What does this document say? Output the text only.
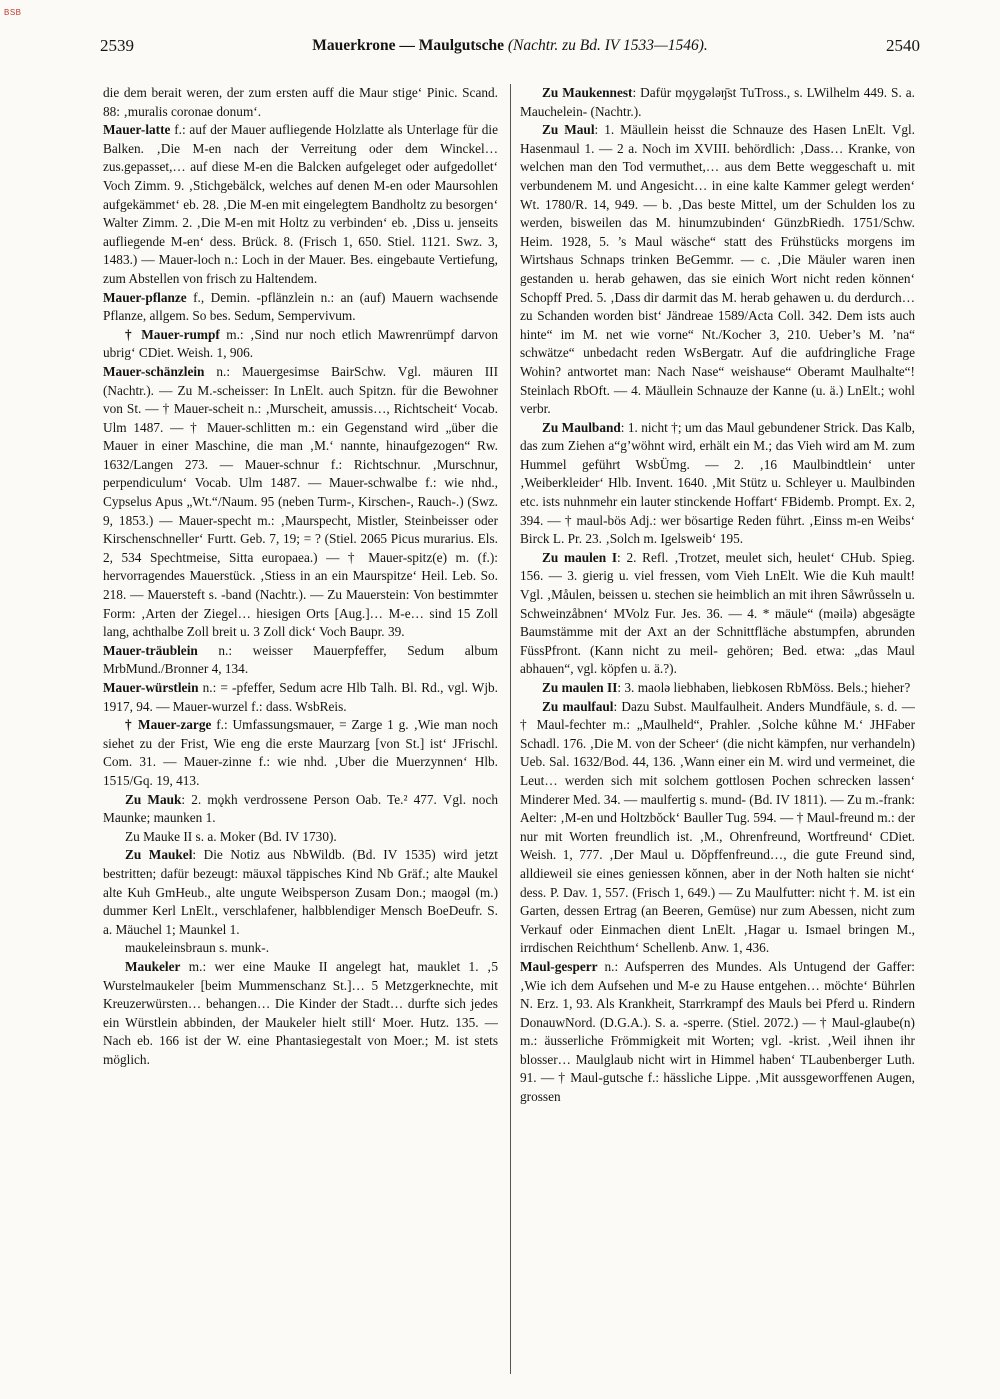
BSB
2539	Mauerkrone — Maulgutsche (Nachtr. zu Bd. IV 1533—1546).	2540

die dem berait weren, der zum ersten auff die Maur stige‘ Pinic. Scand. 88: ‚muralis coronae donum‘.

Mauer-latte f.: auf der Mauer aufliegende Holzlatte als Unterlage für die Balken. ‚Die M-en nach der Verreitung oder dem Winckel… zus.gepasset,… auf diese M-en die Balcken aufgeleget oder aufgedollet‘ Voch Zimm. 9. ‚Stichgebälck, welches auf denen M-en oder Maursohlen aufgekämmet‘ eb. 28. ‚Die M-en mit eingelegtem Bandholtz zu besorgen‘ Walter Zimm. 2. ‚Die M-en mit Holtz zu verbinden‘ eb. ‚Diss u. jenseits aufliegende M-en‘ dess. Brück. 8. (Frisch 1, 650. Stiel. 1121. Swz. 3, 1483.) — Mauer-loch n.: Loch in der Mauer. Bes. eingebaute Vertiefung, zum Abstellen von frisch zu Haltendem.

Mauer-pflanze f., Demin. -pflänzlein n.: an (auf) Mauern wachsende Pflanze, allgem. So bes. Sedum, Sempervivum.

† Mauer-rumpf m.: ‚Sind nur noch etlich Mawrenrümpf darvon ubrig‘ CDiet. Weish. 1, 906.

Mauer-schänzlein n.: Mauergesimse BairSchw. Vgl. mäuren III (Nachtr.). — Zu M.-scheisser: In LnElt. auch Spitzn. für die Bewohner von St. — † Mauer-scheit n.: ‚Murscheit, amussis…, Richtscheit‘ Vocab. Ulm 1487. — † Mauer-schlitten m.: ein Gegenstand wird „über die Mauer in einer Maschine, die man ‚M.‘ nannte, hinaufgezogen“ Rw. 1632/Langen 273. — Mauer-schnur f.: Richtschnur. ‚Murschnur, perpendiculum‘ Vocab. Ulm 1487. — Mauer-schwalbe f.: wie nhd., Cypselus Apus „Wt.“/Naum. 95 (neben Turm-, Kirschen-, Rauch-.) (Swz. 9, 1853.) — Mauer-specht m.: ‚Maurspecht, Mistler, Steinbeisser oder Kirschenschneller‘ Furtt. Geb. 7, 19; = ? (Stiel. 2065 Picus murarius. Els. 2, 534 Spechtmeise, Sitta europaea.) — † Mauer-spitz(e) m. (f.): hervorragendes Mauerstück. ‚Stiess in an ein Maurspitze‘ Heil. Leb. So. 218. — Mauersteft s. -band (Nachtr.). — Zu Mauerstein: Von bestimmter Form: ‚Arten der Ziegel… hiesigen Orts [Aug.]… M-e… sind 15 Zoll lang, achthalbe Zoll breit u. 3 Zoll dick‘ Voch Baupr. 39.

Mauer-träublein n.: weisser Mauerpfeffer, Sedum album MrbMund./Bronner 4, 134.

Mauer-würstlein n.: = -pfeffer, Sedum acre Hlb Talh. Bl. Rd., vgl. Wjb. 1917, 94. — Mauer-wurzel f.: dass. WsbReis.

† Mauer-zarge f.: Umfassungsmauer, = Zarge 1 g. ‚Wie man noch siehet zu der Frist, Wie eng die erste Maurzarg [von St.] ist‘ JFrischl. Com. 31. — Mauer-zinne f.: wie nhd. ‚Uber die Muerzynnen‘ Hlb. 1515/Gq. 19, 413.

Zu Mauk: 2. mǫkh verdrossene Person Oab. Te.² 477. Vgl. noch Maunke; maunken 1.

Zu Mauke II s. a. Moker (Bd. IV 1730).

Zu Maukel: Die Notiz aus NbWildb. (Bd. IV 1535) wird jetzt bestritten; dafür bezeugt: mäuxəl täppisches Kind Nb Gräf.; alte Maukel alte Kuh GmHeub., alte ungute Weibsperson Zusam Don.; maogəl (m.) dummer Kerl LnElt., verschlafener, halbblendiger Mensch BoeDeufr. S. a. Mäuchel 1; Maunkel 1.

maukeleinsbraun s. munk-.

Maukeler m.: wer eine Mauke II angelegt hat, mauklet 1. ‚5 Wurstelmaukeler [beim Mummenschanz St.]… 5 Metzgerknechte, mit Kreuzerwürsten… behangen… Die Kinder der Stadt… durfte sich jedes ein Würstlein abbinden, der Maukeler hielt still‘ Moer. Hutz. 135. — Nach eb. 166 ist der W. eine Phantasiegestalt von Moer.; M. ist stets möglich.

Zu Maukennest: Dafür mǫygələŋ̄st TuTross., s. LWilhelm 449. S. a. Mauchelein- (Nachtr.).

Zu Maul: 1. Mäullein heisst die Schnauze des Hasen LnElt. Vgl. Hasenmaul 1. — 2 a. Noch im XVIII. behördlich: ‚Dass… Kranke, von welchen man den Tod vermuthet,… aus dem Bette weggeschaft u. mit verbundenem M. und Angesicht… in eine kalte Kammer gelegt werden‘ Wt. 1780/R. 14, 949. — b. ‚Das beste Mittel, um der Schulden los zu werden, bisweilen das M. hinumzubinden‘ GünzbRiedh. 1751/Schw. Heim. 1928, 5. ’s Maul wäsche“ statt des Frühstücks morgens im Wirtshaus Schnaps trinken BeGemmr. — c. ‚Die Mäuler waren inen gestanden u. herab gehawen, das sie einich Wort nicht reden können‘ Schopff Pred. 5. ‚Dass dir darmit das M. herab gehawen u. du derdurch… zu Schanden worden bist‘ Jändreae 1589/Acta Coll. 342. Dem ists auch hinte“ im M. net wie vorne“ Nt./Kocher 3, 210. Ueber’s M. ’na“ schwätze“ unbedacht reden WsBergatr. Auf die aufdringliche Frage Wohin? antwortet man: Nach Nase“ weishause“ Oberamt Maulhalte“! Steinlach RbOft. — 4. Mäullein Schnauze der Kanne (u. ä.) LnElt.; wohl verbr.

Zu Maulband: 1. nicht †; um das Maul gebundener Strick. Das Kalb, das zum Ziehen a“g’wöhnt wird, erhält ein M.; das Vieh wird am M. zum Hummel geführt WsbÜmg. — 2. ‚16 Maulbindtlein‘ unter ‚Weiberkleider‘ Hlb. Invent. 1640. ‚Mit Stütz u. Schleyer u. Maulbinden etc. ists nuhnmehr ein lauter stinckende Hoffart‘ FBidemb. Prompt. Ex. 2, 394. — † maul-bös Adj.: wer bösartige Reden führt. ‚Einss m-en Weibs‘ Birck L. Pr. 23. ‚Solch m. Igelsweib‘ 195.

Zu maulen I: 2. Refl. ‚Trotzet, meulet sich, heulet‘ CHub. Spieg. 156. — 3. gierig u. viel fressen, vom Vieh LnElt. Wie die Kuh mault! Vgl. ‚Måulen, beissen u. stechen sie heimblich an mit ihren Såwrůsseln u. Schweinzåbnen‘ MVolz Fur. Jes. 36. — 4. * mäule“ (məilə) abgesägte Baumstämme mit der Axt an der Schnittfläche abstumpfen, abrunden FüssPfront. (Kann nicht zu meil- gehören; Bed. etwa: „das Maul abhauen“, vgl. köpfen u. ä.?).

Zu maulen II: 3. maolə liebhaben, liebkosen RbMöss. Bels.; hieher?

Zu maulfaul: Dazu Subst. Maulfaulheit. Anders Mundfäule, s. d. — † Maul-fechter m.: „Maulheld“, Prahler. ‚Solche kůhne M.‘ JHFaber Schadl. 176. ‚Die M. von der Scheer‘ (die nicht kämpfen, nur verhandeln) Ueb. Sal. 1632/Bod. 44, 136. ‚Wann einer ein M. wird und vermeinet, die Leut… werden sich mit solchem gottlosen Pochen schrecken lassen‘ Minderer Med. 34. — maulfertig s. mund- (Bd. IV 1811). — Zu m.-frank: Aelter: ‚M-en und Holtzbŏck‘ Bauller Tug. 594. — † Maul-freund m.: der nur mit Worten freundlich ist. ‚M., Ohrenfreund, Wortfreund‘ CDiet. Weish. 1, 777. ‚Der Maul u. Dŏpffenfreund…, die gute Freund sind, alldieweil sie eines geniessen kŏnnen, aber in der Noth halten sie nicht‘ dess. P. Dav. 1, 557. (Frisch 1, 649.) — Zu Maulfutter: nicht †. M. ist ein Garten, dessen Ertrag (an Beeren, Gemüse) nur zum Abessen, nicht zum Verkauf oder Einmachen dient LnElt. ‚Hagar u. Ismael bringen M., irrdischen Reichthum‘ Schellenb. Anw. 1, 436.

Maul-gesperr n.: Aufsperren des Mundes. Als Untugend der Gaffer: ‚Wie ich dem Aufsehen und M-e zu Hause entgehen… möchte‘ Bührlen N. Erz. 1, 93. Als Krankheit, Starrkrampf des Mauls bei Pferd u. Rindern DonauwNord. (D.G.A.). S. a. -sperre. (Stiel. 2072.) — † Maul-glaube(n) m.: äusserliche Frömmigkeit mit Worten; vgl. -krist. ‚Weil ihnen ihr blosser… Maulglaub nicht wirt in Himmel haben‘ TLaubenberger Luth. 91. — † Maul-gutsche f.: hässliche Lippe. ‚Mit aussgeworffenen Augen, grossen
